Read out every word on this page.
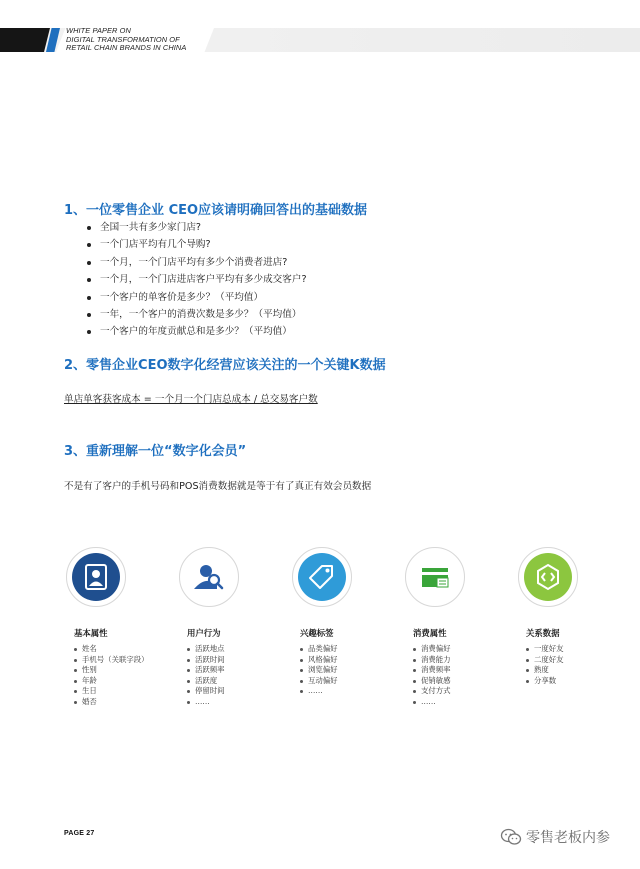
WHITE PAPER ON
DIGITAL TRANSFORMATION OF
RETAIL CHAIN BRANDS IN CHINA
1、一位零售企业 CEO应该请明确回答出的基础数据
全国一共有多少家门店?
一个门店平均有几个导购?
一个月，一个门店平均有多少个消费者进店?
一个月，一个门店进店客户平均有多少成交客户?
一个客户的单客价是多少？（平均值）
一年，一个客户的消费次数是多少？（平均值）
一个客户的年度贡献总和是多少？（平均值）
2、零售企业CEO数字化经营应该关注的一个关键K数据
单店单客获客成本 = 一个月一个门店总成本 / 总交易客户数
3、重新理解一位“数字化会员”
不是有了客户的手机号码和POS消费数据就是等于有了真正有效会员数据
基本属性
姓名
手机号（关联字段）
性别
年龄
生日
婚否
用户行为
活跃地点
活跃时间
活跃频率
活跃度
停留时间
……
兴趣标签
品类偏好
风格偏好
浏览偏好
互动偏好
……
消费属性
消费偏好
消费能力
消费频率
促销敏感
支付方式
……
关系数据
一度好友
二度好友
熟度
分享数
PAGE 27	零售老板内参
